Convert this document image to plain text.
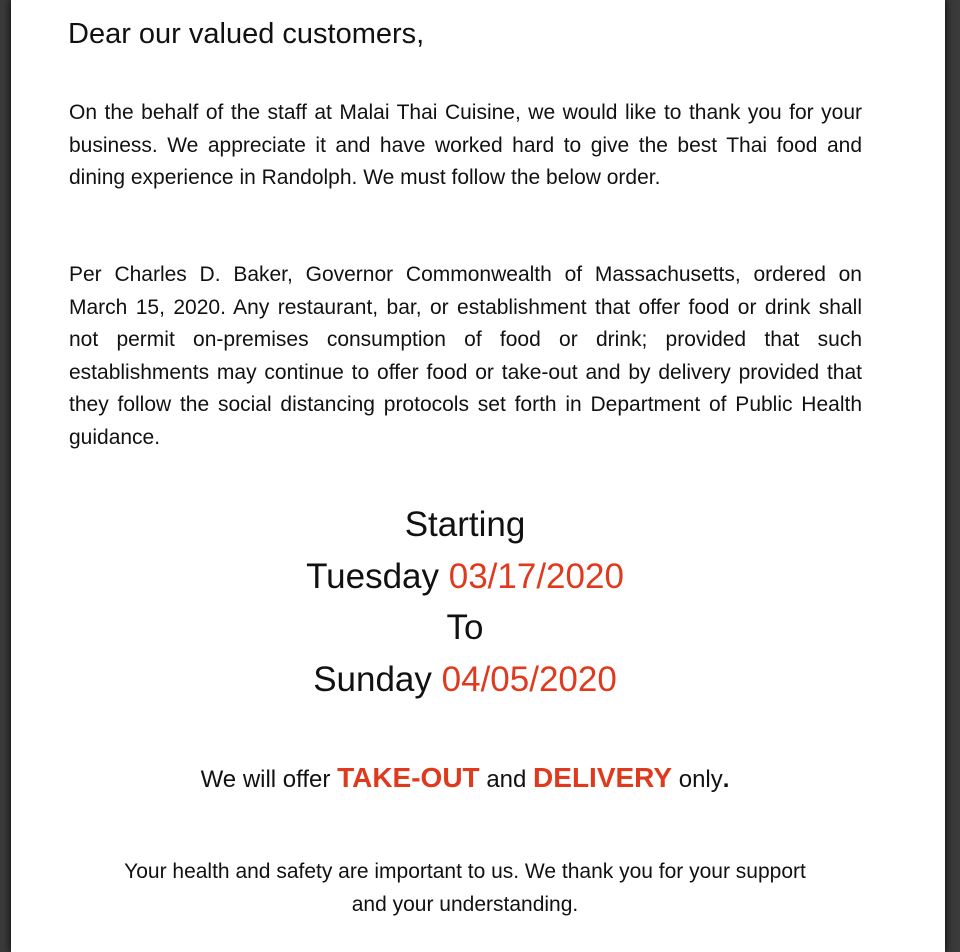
Dear our valued customers,

On the behalf of the staff at Malai Thai Cuisine, we would like to thank you for your business. We appreciate it and have worked hard to give the best Thai food and dining experience in Randolph. We must follow the below order.

Per Charles D. Baker, Governor Commonwealth of Massachusetts, ordered on March 15, 2020. Any restaurant, bar, or establishment that offer food or drink shall not permit on-premises consumption of food or drink; provided that such establishments may continue to offer food or take-out and by delivery provided that they follow the social distancing protocols set forth in Department of Public Health guidance.

Starting
Tuesday 03/17/2020
To
Sunday 04/05/2020
We will offer TAKE-OUT and DELIVERY only.

Your health and safety are important to us. We thank you for your support
and your understanding.
